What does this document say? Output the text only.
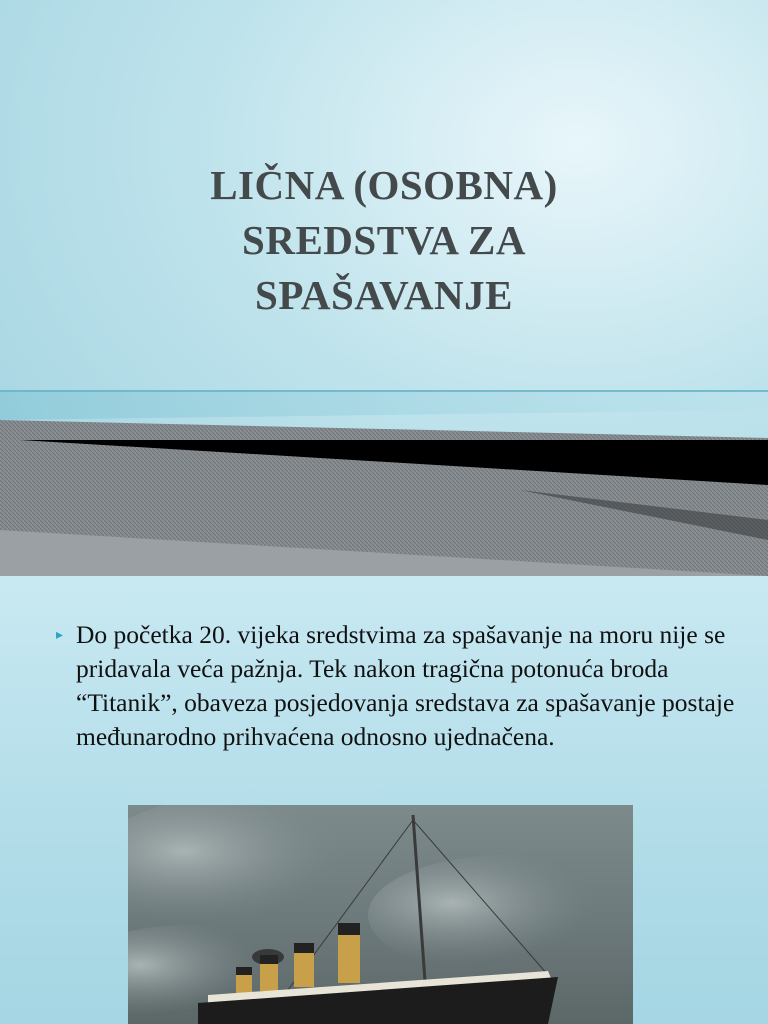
LIČNA (OSOBNA)
SREDSTVA ZA
SPAŠAVANJE
▸ Do početka 20. vijeka sredstvima za spašavanje na moru nije se pridavala veća pažnja. Tek nakon tragična potonuća broda “Titanik”, obaveza posjedovanja sredstava za spašavanje postaje međunarodno prihvaćena odnosno ujednačena.
